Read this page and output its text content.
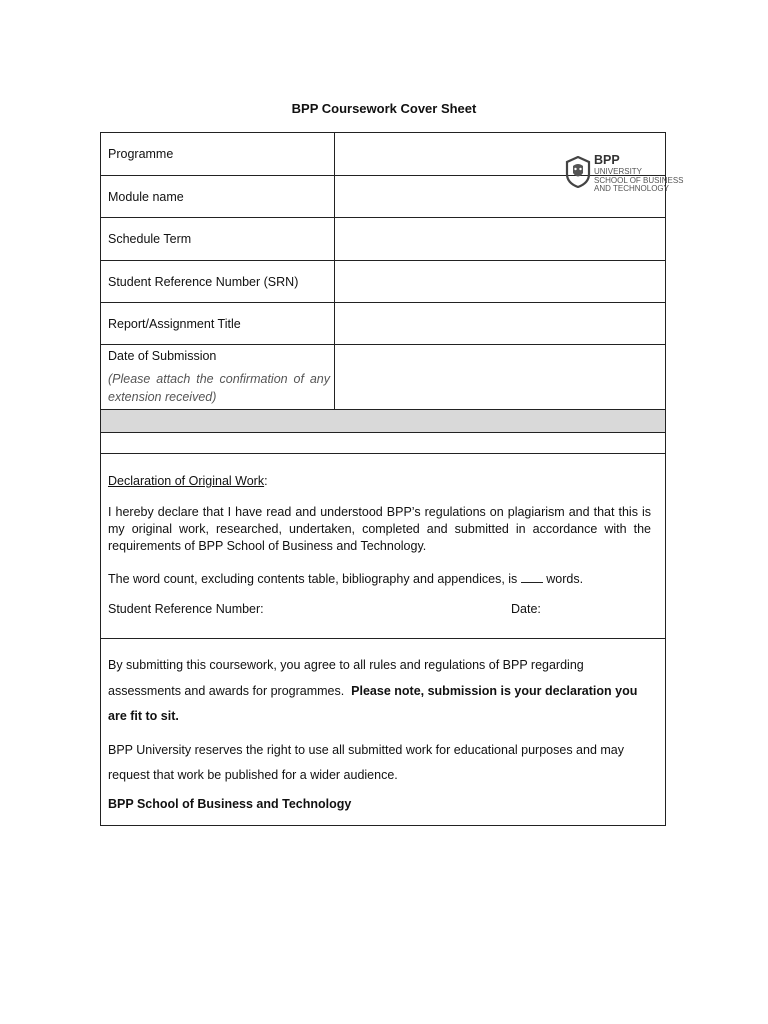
BPP Coursework Cover Sheet
Programme
Module name
Schedule Term
Student Reference Number (SRN)
Report/Assignment Title
Date of Submission
(Please attach the confirmation of any extension received)
BPP
UNIVERSITY
SCHOOL OF BUSINESS
AND TECHNOLOGY

Declaration of Original Work:

I hereby declare that I have read and understood BPP’s regulations on plagiarism and that this is my original work, researched, undertaken, completed and submitted in accordance with the requirements of BPP School of Business and Technology.

The word count, excluding contents table, bibliography and appendices, is words.

Student Reference Number:	Date:

By submitting this coursework, you agree to all rules and regulations of BPP regarding assessments and awards for programmes. Please note, submission is your declaration you are fit to sit.

BPP University reserves the right to use all submitted work for educational purposes and may request that work be published for a wider audience.

BPP School of Business and Technology
